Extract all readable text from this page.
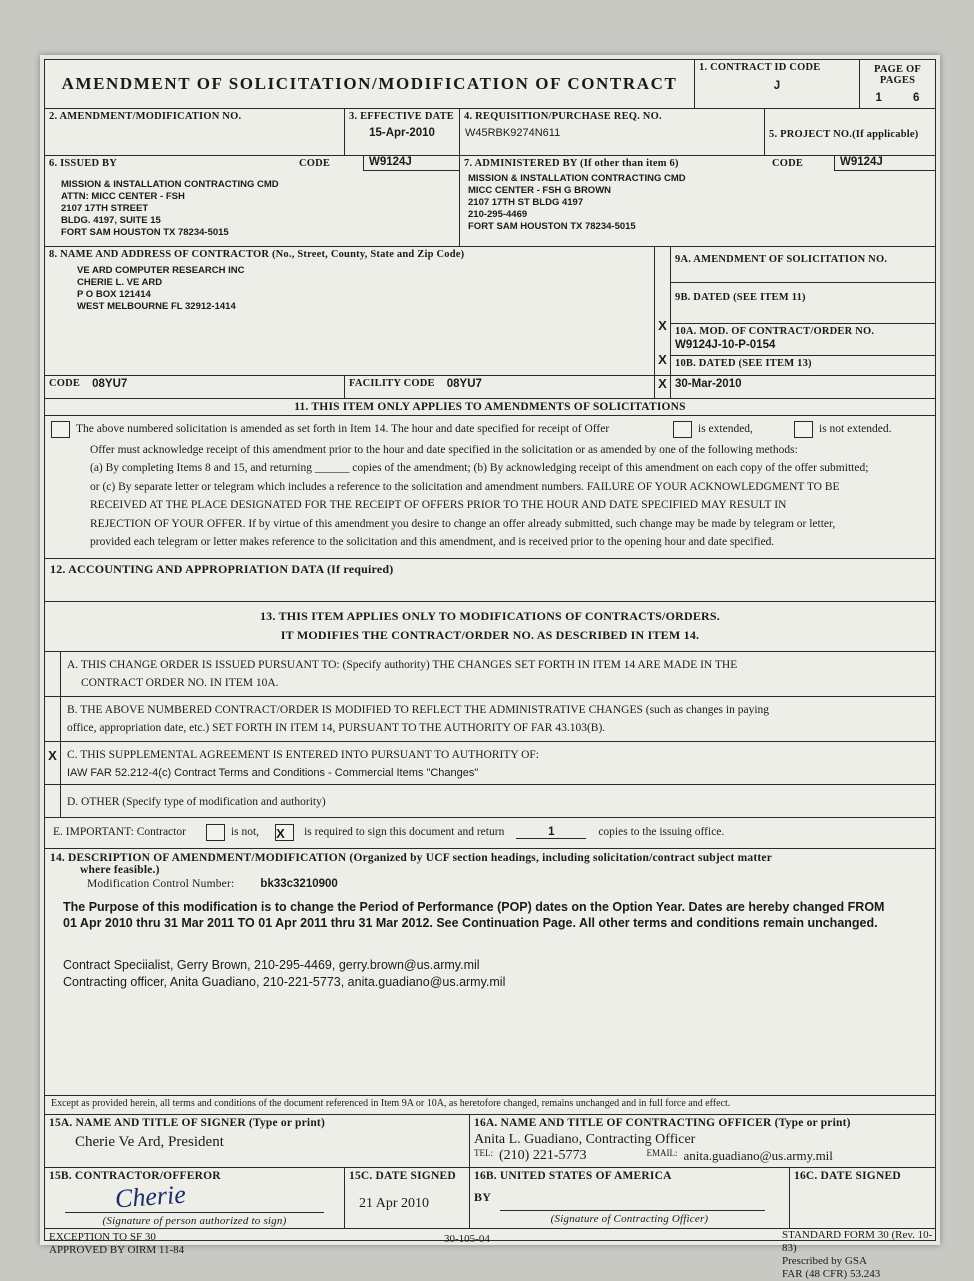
AMENDMENT OF SOLICITATION/MODIFICATION OF CONTRACT
1. CONTRACT ID CODE
J
PAGE OF PAGES
1	6
2. AMENDMENT/MODIFICATION NO.	3. EFFECTIVE DATE
15-Apr-2010
4. REQUISITION/PURCHASE REQ. NO.
W45RBK9274N611	5. PROJECT NO.(If applicable)
6. ISSUED BY	CODE	W9124J
MISSION & INSTALLATION CONTRACTING CMD
ATTN: MICC CENTER - FSH
2107 17TH STREET
BLDG. 4197, SUITE 15
FORT SAM HOUSTON TX 78234-5015
7. ADMINISTERED BY (If other than item 6)	CODE	W9124J
MISSION & INSTALLATION CONTRACTING CMD
MICC CENTER - FSH G BROWN
2107 17TH ST BLDG 4197
210-295-4469
FORT SAM HOUSTON TX 78234-5015
8. NAME AND ADDRESS OF CONTRACTOR (No., Street, County, State and Zip Code)
VE ARD COMPUTER RESEARCH INC
CHERIE L. VE ARD
P O BOX 121414
WEST MELBOURNE FL 32912-1414
X
X
9A. AMENDMENT OF SOLICITATION NO.
9B. DATED (SEE ITEM 11)
10A. MOD. OF CONTRACT/ORDER NO.
W9124J-10-P-0154
10B. DATED (SEE ITEM 13)
CODE	08YU7	FACILITY CODE	08YU7	X 30-Mar-2010
11. THIS ITEM ONLY APPLIES TO AMENDMENTS OF SOLICITATIONS
The above numbered solicitation is amended as set forth in Item 14. The hour and date specified for receipt of Offer	is extended,	is not extended.
Offer must acknowledge receipt of this amendment prior to the hour and date specified in the solicitation or as amended by one of the following methods:
(a) By completing Items 8 and 15, and returning ______ copies of the amendment; (b) By acknowledging receipt of this amendment on each copy of the offer submitted;
or (c) By separate letter or telegram which includes a reference to the solicitation and amendment numbers. FAILURE OF YOUR ACKNOWLEDGMENT TO BE
RECEIVED AT THE PLACE DESIGNATED FOR THE RECEIPT OF OFFERS PRIOR TO THE HOUR AND DATE SPECIFIED MAY RESULT IN
REJECTION OF YOUR OFFER. If by virtue of this amendment you desire to change an offer already submitted, such change may be made by telegram or letter,
provided each telegram or letter makes reference to the solicitation and this amendment, and is received prior to the opening hour and date specified.
12. ACCOUNTING AND APPROPRIATION DATA (If required)
13. THIS ITEM APPLIES ONLY TO MODIFICATIONS OF CONTRACTS/ORDERS.
IT MODIFIES THE CONTRACT/ORDER NO. AS DESCRIBED IN ITEM 14.
A. THIS CHANGE ORDER IS ISSUED PURSUANT TO: (Specify authority) THE CHANGES SET FORTH IN ITEM 14 ARE MADE IN THE
CONTRACT ORDER NO. IN ITEM 10A.
B. THE ABOVE NUMBERED CONTRACT/ORDER IS MODIFIED TO REFLECT THE ADMINISTRATIVE CHANGES (such as changes in paying
office, appropriation date, etc.) SET FORTH IN ITEM 14, PURSUANT TO THE AUTHORITY OF FAR 43.103(B).
X C. THIS SUPPLEMENTAL AGREEMENT IS ENTERED INTO PURSUANT TO AUTHORITY OF:
IAW FAR 52.212-4(c) Contract Terms and Conditions - Commercial Items "Changes"
D. OTHER (Specify type of modification and authority)
E. IMPORTANT: Contractor	is not,	X	is required to sign this document and return	1	copies to the issuing office.
14. DESCRIPTION OF AMENDMENT/MODIFICATION (Organized by UCF section headings, including solicitation/contract subject matter
where feasible.)
Modification Control Number:	bk33c3210900
The Purpose of this modification is to change the Period of Performance (POP) dates on the Option Year. Dates are hereby changed FROM
01 Apr 2010 thru 31 Mar 2011 TO 01 Apr 2011 thru 31 Mar 2012. See Continuation Page. All other terms and conditions remain unchanged.
Contract Speciialist, Gerry Brown, 210-295-4469, gerry.brown@us.army.mil
Contracting officer, Anita Guadiano, 210-221-5773, anita.guadiano@us.army.mil
Except as provided herein, all terms and conditions of the document referenced in Item 9A or 10A, as heretofore changed, remains unchanged and in full force and effect.
15A. NAME AND TITLE OF SIGNER (Type or print)
Cherie Ve Ard, President
16A. NAME AND TITLE OF CONTRACTING OFFICER (Type or print)
Anita L. Guadiano, Contracting Officer
TEL: (210) 221-5773	EMAIL: anita.guadiano@us.army.mil
15B. CONTRACTOR/OFFEROR
Cherie
(Signature of person authorized to sign)
15C. DATE SIGNED
21 Apr 2010
16B. UNITED STATES OF AMERICA
BY
(Signature of Contracting Officer)
16C. DATE SIGNED
EXCEPTION TO SF 30
APPROVED BY OIRM 11-84
30-105-04	STANDARD FORM 30 (Rev. 10-83)
Prescribed by GSA
FAR (48 CFR) 53.243
